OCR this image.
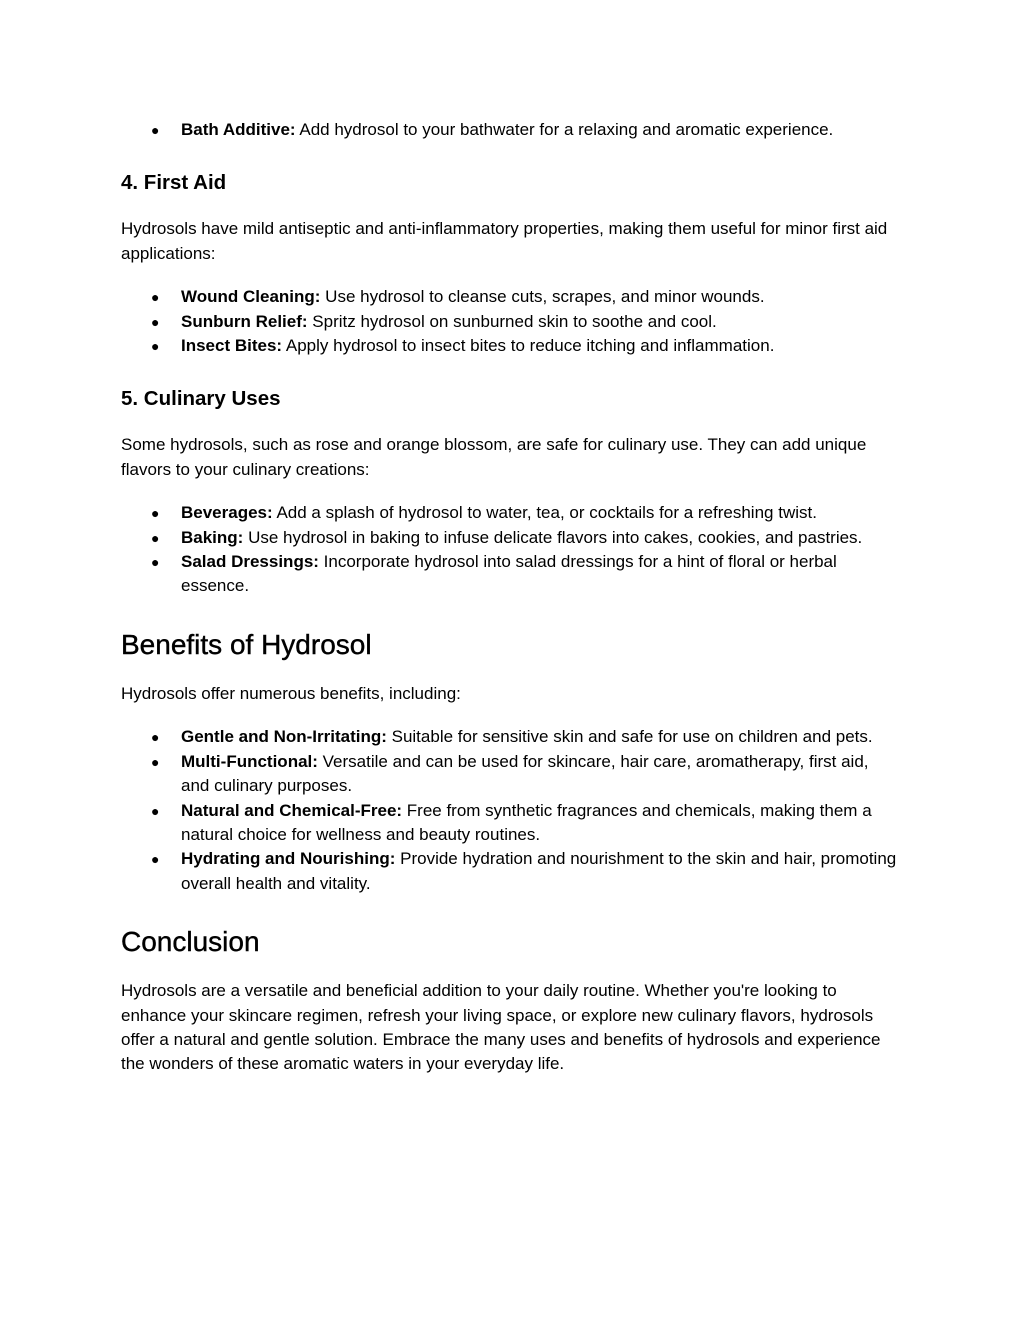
● Bath Additive: Add hydrosol to your bathwater for a relaxing and aromatic experience.
4. First Aid

Hydrosols have mild antiseptic and anti-inflammatory properties, making them useful for minor first aid applications:

● Wound Cleaning: Use hydrosol to cleanse cuts, scrapes, and minor wounds.
● Sunburn Relief: Spritz hydrosol on sunburned skin to soothe and cool.
● Insect Bites: Apply hydrosol to insect bites to reduce itching and inflammation.
5. Culinary Uses

Some hydrosols, such as rose and orange blossom, are safe for culinary use. They can add unique flavors to your culinary creations:

● Beverages: Add a splash of hydrosol to water, tea, or cocktails for a refreshing twist.
● Baking: Use hydrosol in baking to infuse delicate flavors into cakes, cookies, and pastries.
● Salad Dressings: Incorporate hydrosol into salad dressings for a hint of floral or herbal essence.
Benefits of Hydrosol

Hydrosols offer numerous benefits, including:

● Gentle and Non-Irritating: Suitable for sensitive skin and safe for use on children and pets.
● Multi-Functional: Versatile and can be used for skincare, hair care, aromatherapy, first aid, and culinary purposes.
● Natural and Chemical-Free: Free from synthetic fragrances and chemicals, making them a natural choice for wellness and beauty routines.
● Hydrating and Nourishing: Provide hydration and nourishment to the skin and hair, promoting overall health and vitality.
Conclusion

Hydrosols are a versatile and beneficial addition to your daily routine. Whether you're looking to enhance your skincare regimen, refresh your living space, or explore new culinary flavors, hydrosols offer a natural and gentle solution. Embrace the many uses and benefits of hydrosols and experience the wonders of these aromatic waters in your everyday life.
